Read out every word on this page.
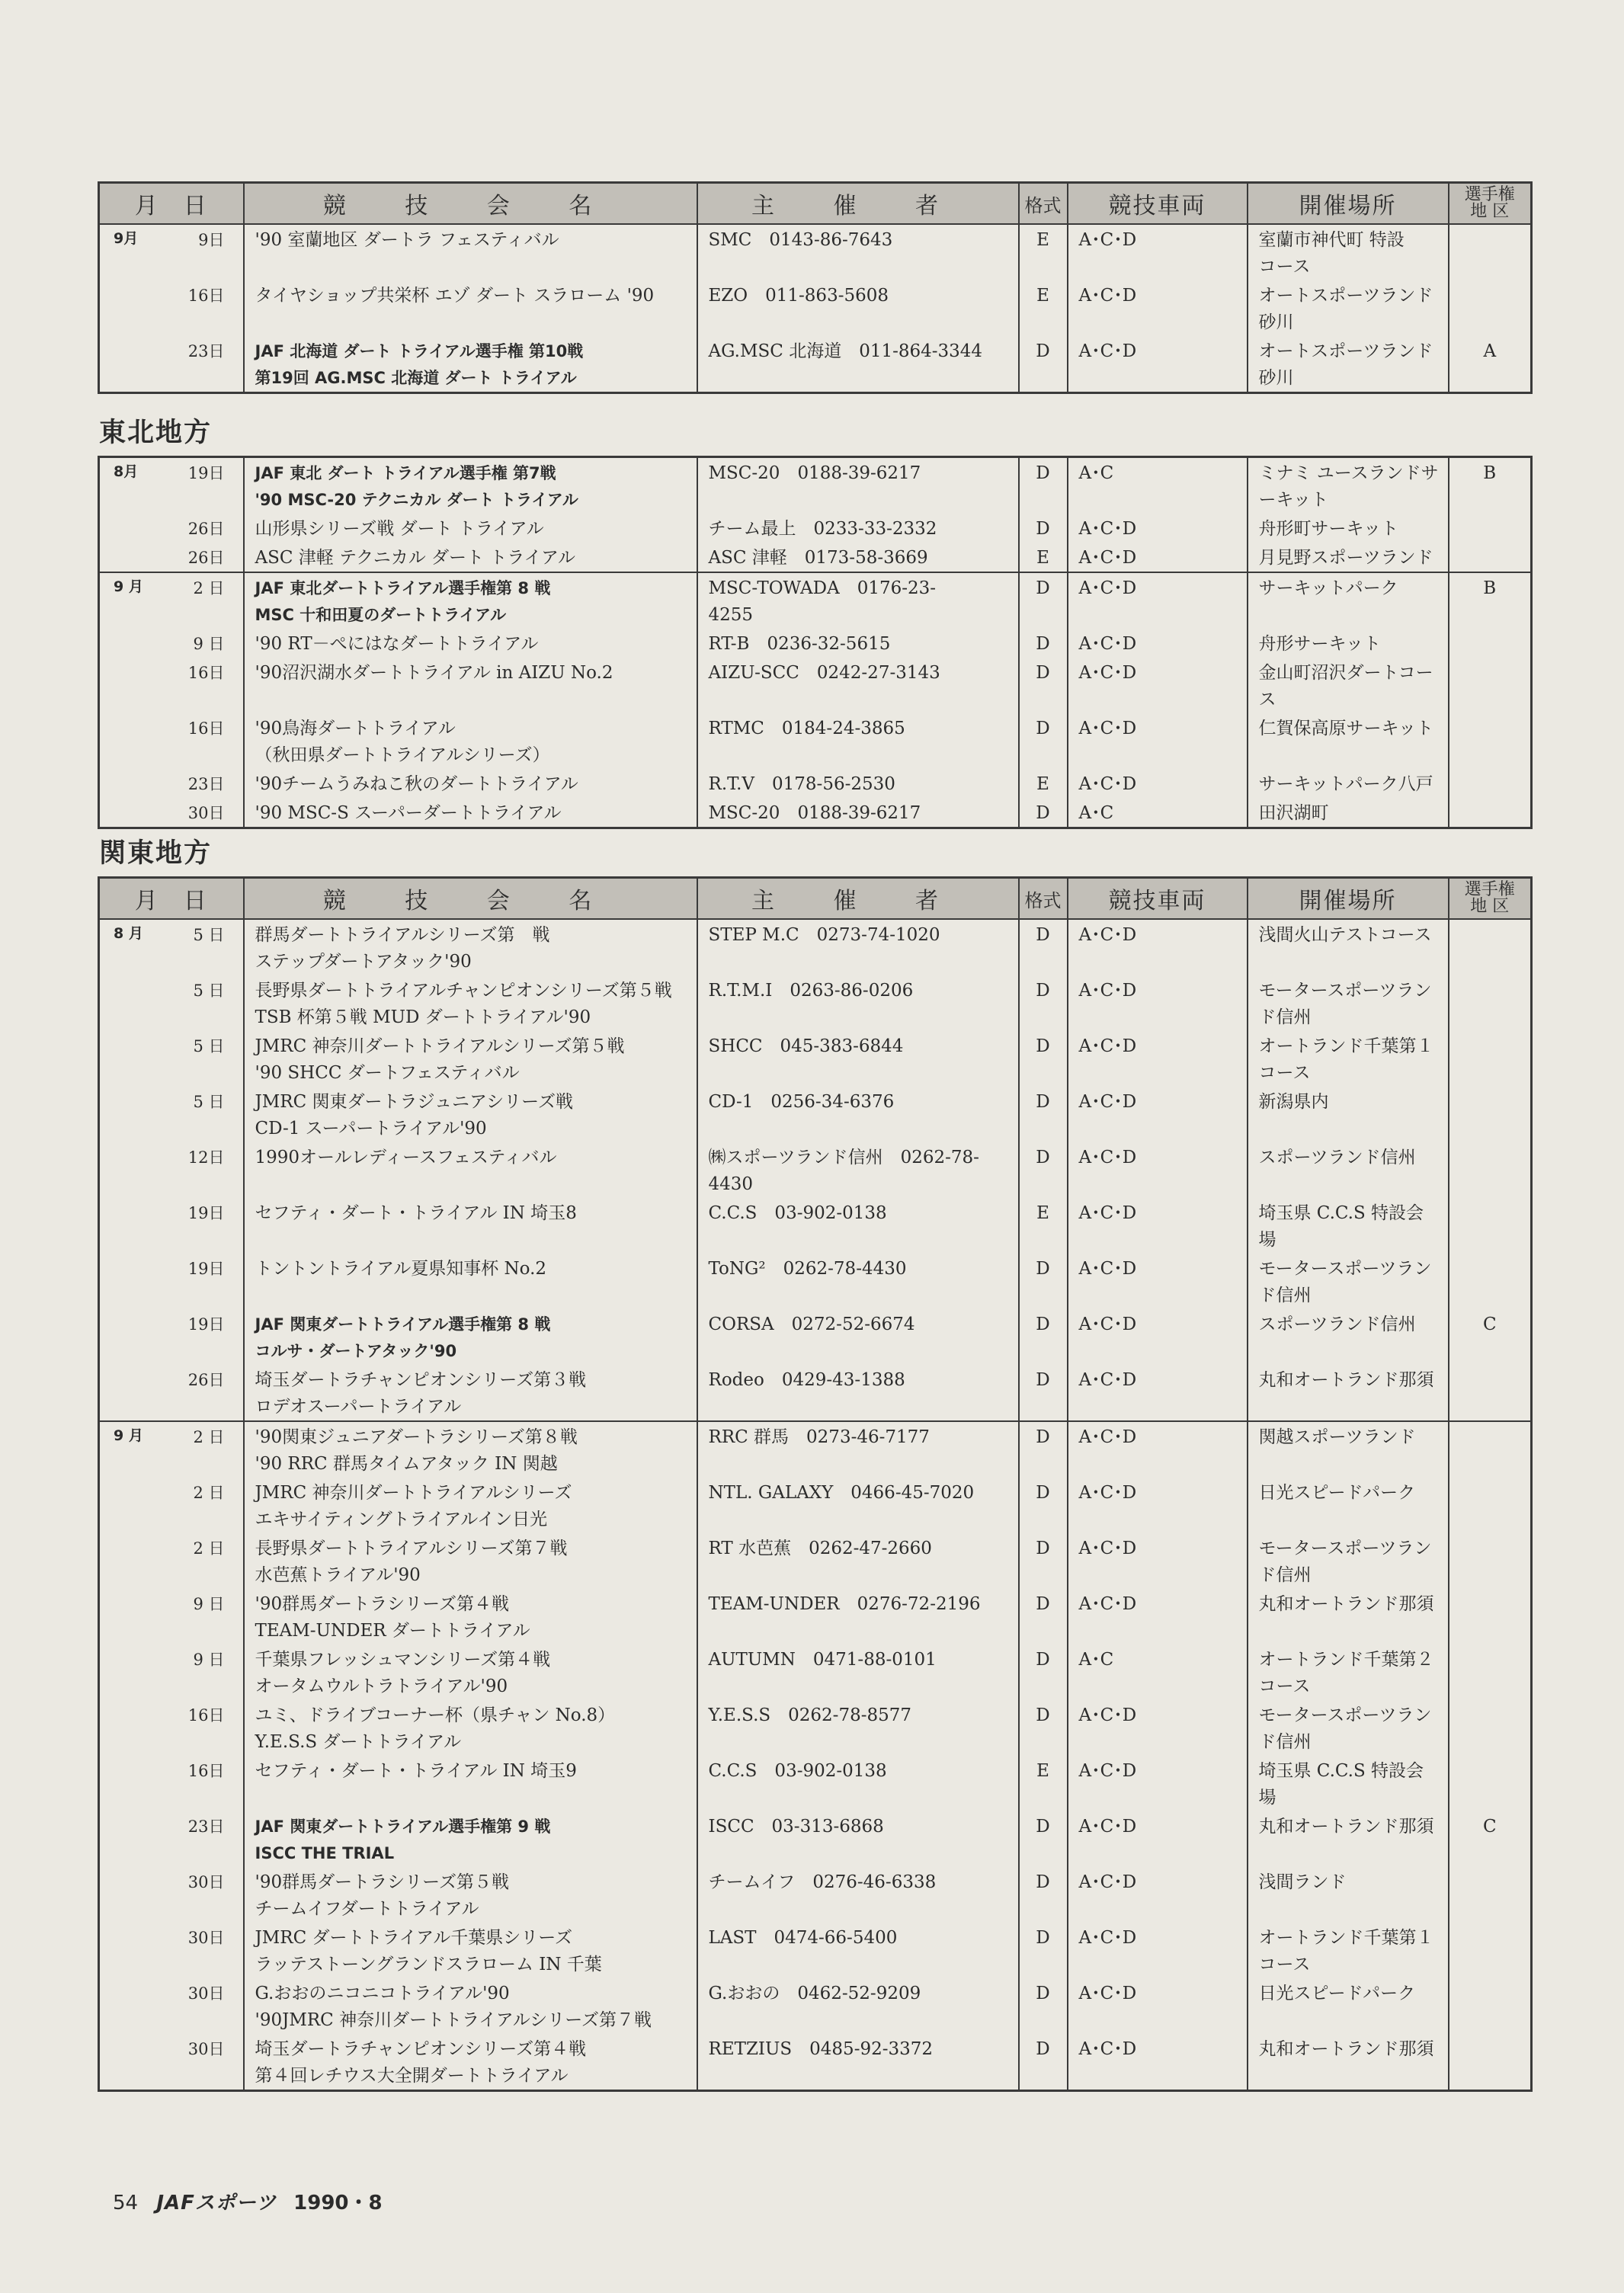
月　日	競 技 会 名	主 催 者	格式	競技車両	開催場所	選手権
地 区

9月 9日	'90 室蘭地区 ダートラ フェスティバル	SMC　0143-86-7643	E	A･C･D	室蘭市神代町 特設
コース	

16日	タイヤショップ共栄杯 エゾ ダート スラローム '90	EZO　011-863-5608	E	A･C･D	オートスポーツランド
砂川	

23日	JAF 北海道 ダート トライアル選手権 第10戦
第19回 AG.MSC 北海道 ダート トライアル	AG.MSC 北海道　011-864-3344	D	A･C･D	オートスポーツランド
砂川	A
東北地方
8月 19日	JAF 東北 ダート トライアル選手権 第7戦
'90 MSC-20 テクニカル ダート トライアル	MSC-20　0188-39-6217	D	A･C	ミナミ ユースランドサ
ーキット	B

26日	山形県シリーズ戦 ダート トライアル	チーム最上　0233-33-2332	D	A･C･D	舟形町サーキット	

26日	ASC 津軽 テクニカル ダート トライアル	ASC 津軽　0173-58-3669	E	A･C･D	月見野スポーツランド	

9 月 2 日	JAF 東北ダートトライアル選手権第 8 戦
MSC 十和田夏のダートトライアル	MSC-TOWADA　0176-23-
4255	D	A･C･D	サーキットパーク	B

9 日	'90 RT－ぺにはなダートトライアル	RT-B　0236-32-5615	D	A･C･D	舟形サーキット	

16日	'90沼沢湖水ダートトライアル in AIZU No.2	AIZU-SCC　0242-27-3143	D	A･C･D	金山町沼沢ダートコー
ス	

16日	'90鳥海ダートトライアル
（秋田県ダートトライアルシリーズ）	RTMC　0184-24-3865	D	A･C･D	仁賀保高原サーキット	

23日	'90チームうみねこ秋のダートトライアル	R.T.V　0178-56-2530	E	A･C･D	サーキットパーク八戸	

30日	'90 MSC-S スーパーダートトライアル	MSC-20　0188-39-6217	D	A･C	田沢湖町	

関東地方
月　日	競 技 会 名	主 催 者	格式	競技車両	開催場所	選手権
地 区

8 月 5 日	群馬ダートトライアルシリーズ第　戦
ステップダートアタック'90	STEP M.C　0273-74-1020	D	A･C･D	浅間火山テストコース	

5 日	長野県ダートトライアルチャンピオンシリーズ第５戦
TSB 杯第５戦 MUD ダートトライアル'90	R.T.M.I　0263-86-0206	D	A･C･D	モータースポーツラン
ド信州	

5 日	JMRC 神奈川ダートトライアルシリーズ第５戦
'90 SHCC ダートフェスティバル	SHCC　045-383-6844	D	A･C･D	オートランド千葉第１
コース	

5 日	JMRC 関東ダートラジュニアシリーズ戦
CD-1 スーパートライアル'90	CD-1　0256-34-6376	D	A･C･D	新潟県内	

12日	1990オールレディースフェスティバル	㈱スポーツランド信州　0262-78-
4430	D	A･C･D	スポーツランド信州	

19日	セフティ・ダート・トライアル IN 埼玉8	C.C.S　03-902-0138	E	A･C･D	埼玉県 C.C.S 特設会
場	

19日	トントントライアル夏県知事杯 No.2	ToNG²　0262-78-4430	D	A･C･D	モータースポーツラン
ド信州	

19日	JAF 関東ダートトライアル選手権第 8 戦
コルサ・ダートアタック'90	CORSA　0272-52-6674	D	A･C･D	スポーツランド信州	C

26日	埼玉ダートラチャンピオンシリーズ第３戦
ロデオスーパートライアル	Rodeo　0429-43-1388	D	A･C･D	丸和オートランド那須	

9 月 2 日	'90関東ジュニアダートラシリーズ第８戦
'90 RRC 群馬タイムアタック IN 関越	RRC 群馬　0273-46-7177	D	A･C･D	関越スポーツランド	

2 日	JMRC 神奈川ダートトライアルシリーズ
エキサイティングトライアルイン日光	NTL. GALAXY　0466-45-7020	D	A･C･D	日光スピードパーク	

2 日	長野県ダートトライアルシリーズ第７戦
水芭蕉トライアル'90	RT 水芭蕉　0262-47-2660	D	A･C･D	モータースポーツラン
ド信州	

9 日	'90群馬ダートラシリーズ第４戦
TEAM-UNDER ダートトライアル	TEAM-UNDER　0276-72-2196	D	A･C･D	丸和オートランド那須	

9 日	千葉県フレッシュマンシリーズ第４戦
オータムウルトラトライアル'90	AUTUMN　0471-88-0101	D	A･C	オートランド千葉第２
コース	

16日	ユミ、ドライブコーナー杯（県チャン No.8）
Y.E.S.S ダートトライアル	Y.E.S.S　0262-78-8577	D	A･C･D	モータースポーツラン
ド信州	

16日	セフティ・ダート・トライアル IN 埼玉9	C.C.S　03-902-0138	E	A･C･D	埼玉県 C.C.S 特設会
場	

23日	JAF 関東ダートトライアル選手権第 9 戦
ISCC THE TRIAL	ISCC　03-313-6868	D	A･C･D	丸和オートランド那須	C

30日	'90群馬ダートラシリーズ第５戦
チームイフダートトライアル	チームイフ　0276-46-6338	D	A･C･D	浅間ランド	

30日	JMRC ダートトライアル千葉県シリーズ
ラッテストーングランドスラローム IN 千葉	LAST　0474-66-5400	D	A･C･D	オートランド千葉第１
コース	

30日	G.おおのニコニコトライアル'90
'90JMRC 神奈川ダートトライアルシリーズ第７戦	G.おおの　0462-52-9209	D	A･C･D	日光スピードパーク	

30日	埼玉ダートラチャンピオンシリーズ第４戦
第４回レチウス大全開ダートトライアル	RETZIUS　0485-92-3372	D	A･C･D	丸和オートランド那須	

54 JAFスポーツ 1990・8
